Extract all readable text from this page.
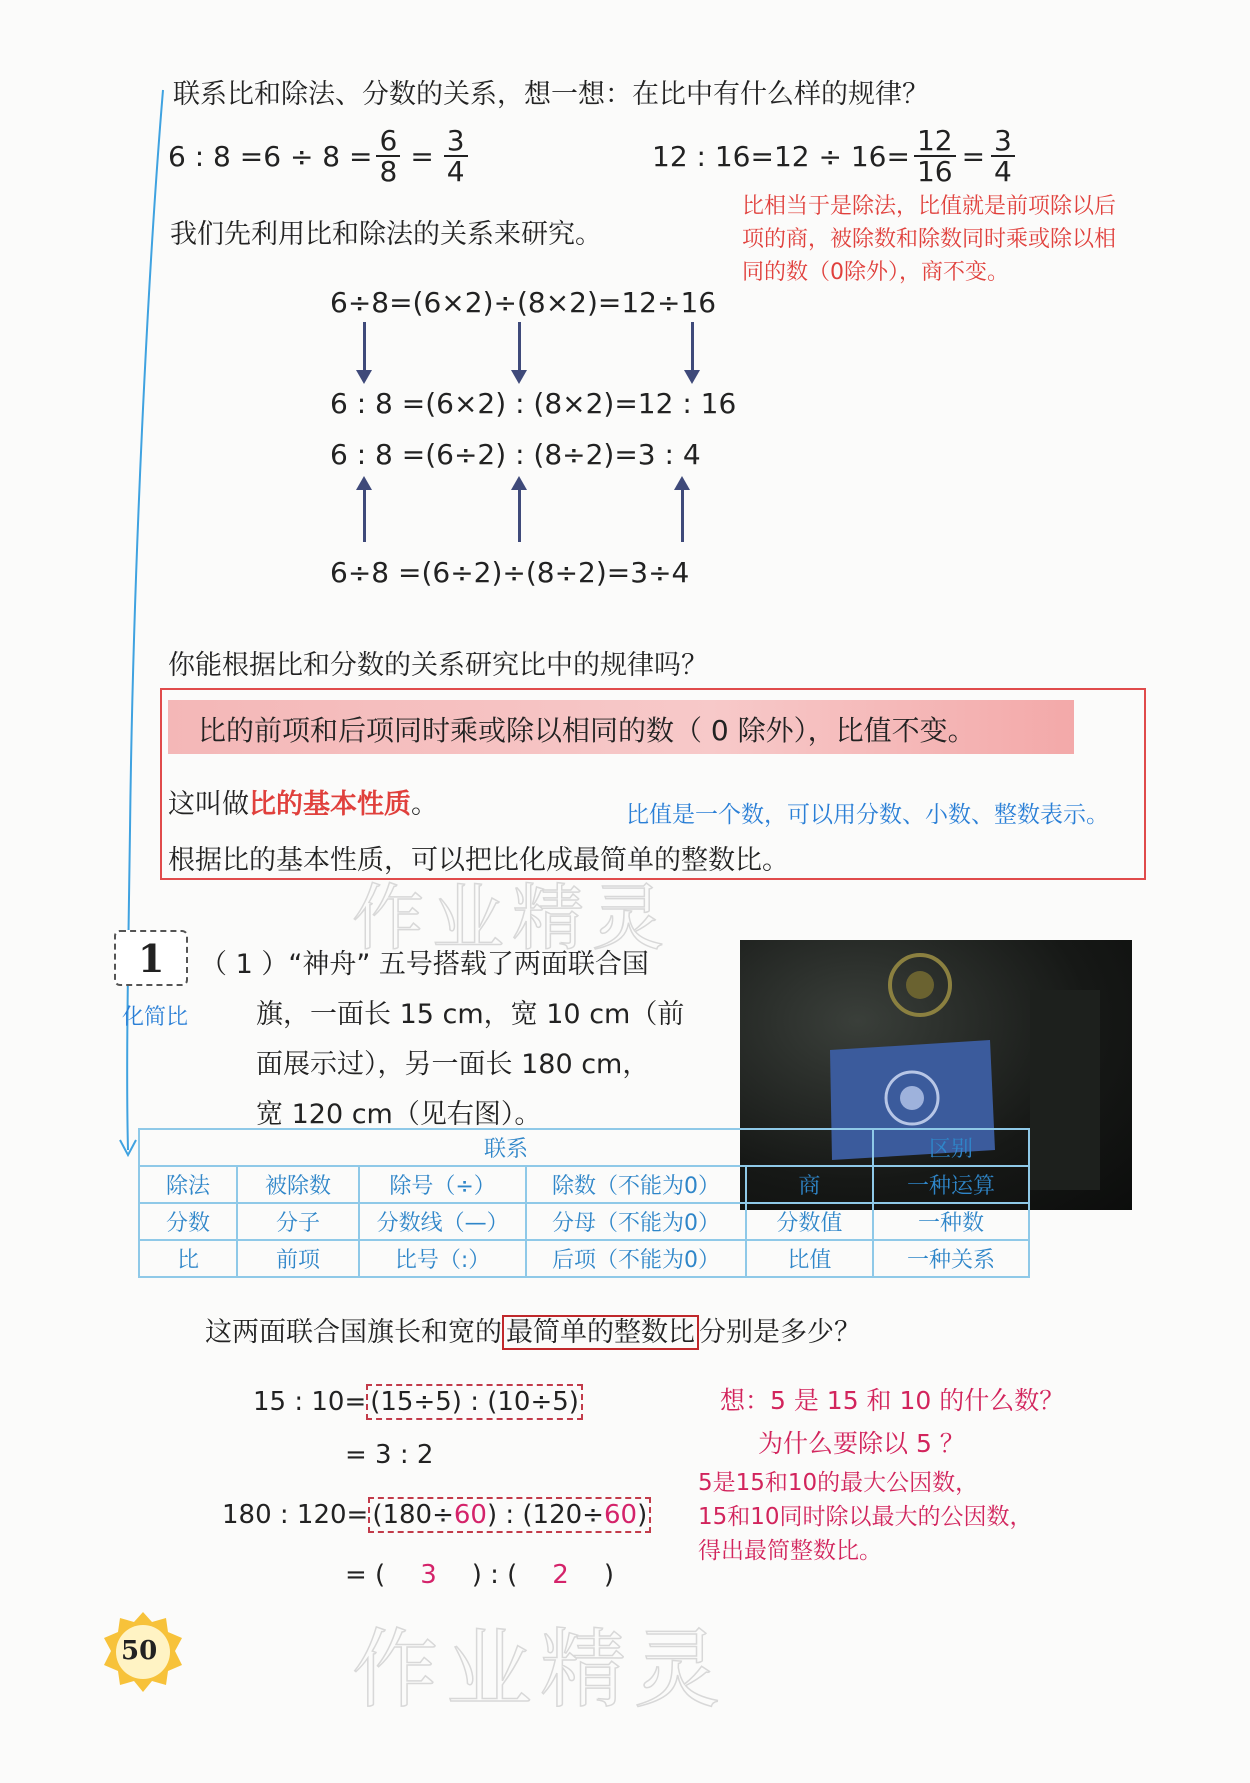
联系比和除法、分数的关系，想一想：在比中有什么样的规律？
6 : $8 =6 \div 8 = \frac{6}{8} = \frac{3}{4}$	12 : $16=12 \div 16= \frac{12}{16} = \frac{3}{4}$
我们先利用比和除法的关系来研究。
比相当于是除法，比值就是前项除以后
项的商，被除数和除数同时乘或除以相
同的数（0除外），商不变。
6÷8=(6×2)÷(8×2)=12÷16
6 : 8 =(6×2) : (8×2)=12 : 16
6 : 8 =(6÷2) : (8÷2)=3 : 4
6÷8 =(6÷2)÷(8÷2)=3÷4
你能根据比和分数的关系研究比中的规律吗？
比的前项和后项同时乘或除以相同的数（ 0 除外），比值不变。
这叫做比的基本性质。	比值是一个数，可以用分数、小数、整数表示。
根据比的基本性质，可以把比化成最简单的整数比。
作业精灵
1
化简比
（ 1 ）“神舟” 五号搭载了两面联合国
旗，一面长 15 cm，宽 10 cm（前
面展示过），另一面长 180 cm，
宽 120 cm（见右图）。
联系					区别
除法	被除数	除号（÷）	除数（不能为0）	商	一种运算
分数	分子	分数线（—）	分母（不能为0）	分数值	一种数
比	前项	比号（:）	后项（不能为0）	比值	一种关系
这两面联合国旗长和宽的 最简单的整数比 分别是多少？
15 : 10= (15÷5) : (10÷5)
= 3 : 2
180 : 120= (180÷60) : (120÷60)
= ( 3 ) : ( 2 )
想：5 是 15 和 10 的什么数？
为什么要除以 5 ？
5是15和10的最大公因数，
15和10同时除以最大的公因数，
得出最简整数比。
作业精灵
50
